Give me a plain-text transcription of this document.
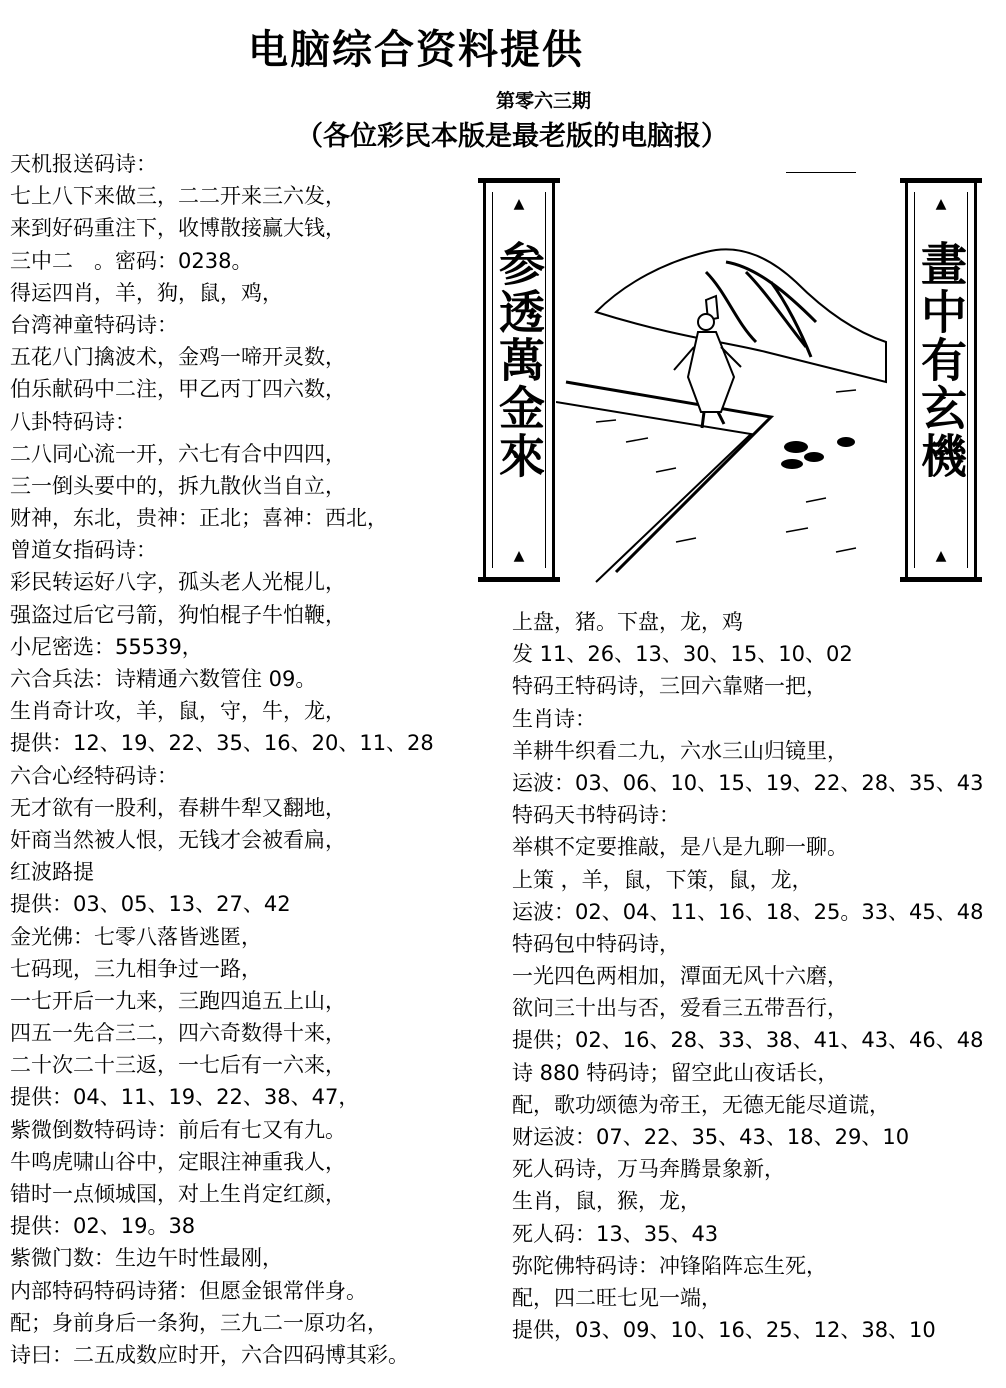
电脑综合资料提供
第零六三期
（各位彩民本版是最老版的电脑报）
天机报送码诗：
七上八下来做三，二二开来三六发，
来到好码重注下，收博散接赢大钱，
三中二　。密码：0238。
得运四肖，羊，狗，鼠，鸡，
台湾神童特码诗：
五花八门擒波术，金鸡一啼开灵数，
伯乐献码中二注，甲乙丙丁四六数，
八卦特码诗：
二八同心流一开，六七有合中四四，
三一倒头要中的，拆九散伙当自立，
财神，东北，贵神：正北；喜神：西北，
曾道女指码诗：
彩民转运好八字，孤头老人光棍儿，
强盗过后它弓箭，狗怕棍子牛怕鞭，
小尼密选：55539，
六合兵法：诗精通六数管住 09。
生肖奇计攻，羊，鼠，守，牛，龙，
提供：12、19、22、35、16、20、11、28
六合心经特码诗：
无才欲有一股利，春耕牛犁又翻地，
奸商当然被人恨，无钱才会被看扁，
红波路提
提供：03、05、13、27、42
金光佛：七零八落皆逃匿，
七码现，三九相争过一路，
一七开后一九来，三跑四追五上山，
四五一先合三二，四六奇数得十来，
二十次二十三返，一七后有一六来，
提供：04、11、19、22、38、47，
紫微倒数特码诗：前后有七又有九。
牛鸣虎啸山谷中，定眼注神重我人，
错时一点倾城国，对上生肖定红颜，
提供：02、19。38
紫微门数：生边午时性最刚，
内部特码特码诗猪：但愿金银常伴身。
配；身前身后一条狗，三九二一原功名，
诗曰：二五成数应时开，六合四码博其彩。
▲
参透萬金來
▲
▲
畫中有玄機
▲
上盘，猪。下盘，龙，鸡
发 11、26、13、30、15、10、02
特码王特码诗，三回六靠赌一把，
生肖诗：
羊耕牛织看二九，六水三山归镜里，
运波：03、06、10、15、19、22、28、35、43
特码天书特码诗：
举棋不定要推敲，是八是九聊一聊。
上策 ，羊，鼠，下策，鼠，龙，
运波：02、04、11、16、18、25。33、45、48
特码包中特码诗，
一光四色两相加，潭面无风十六磨，
欲问三十出与否，爱看三五带吾行，
提供；02、16、28、33、38、41、43、46、48
诗 880 特码诗；留空此山夜话长，
配，歌功颂德为帝王，无德无能尽道谎，
财运波：07、22、35、43、18、29、10
死人码诗，万马奔腾景象新，
生肖，鼠，猴，龙，
死人码：13、35、43
弥陀佛特码诗：冲锋陷阵忘生死，
配，四二旺七见一端，
提供，03、09、10、16、25、12、38、10
